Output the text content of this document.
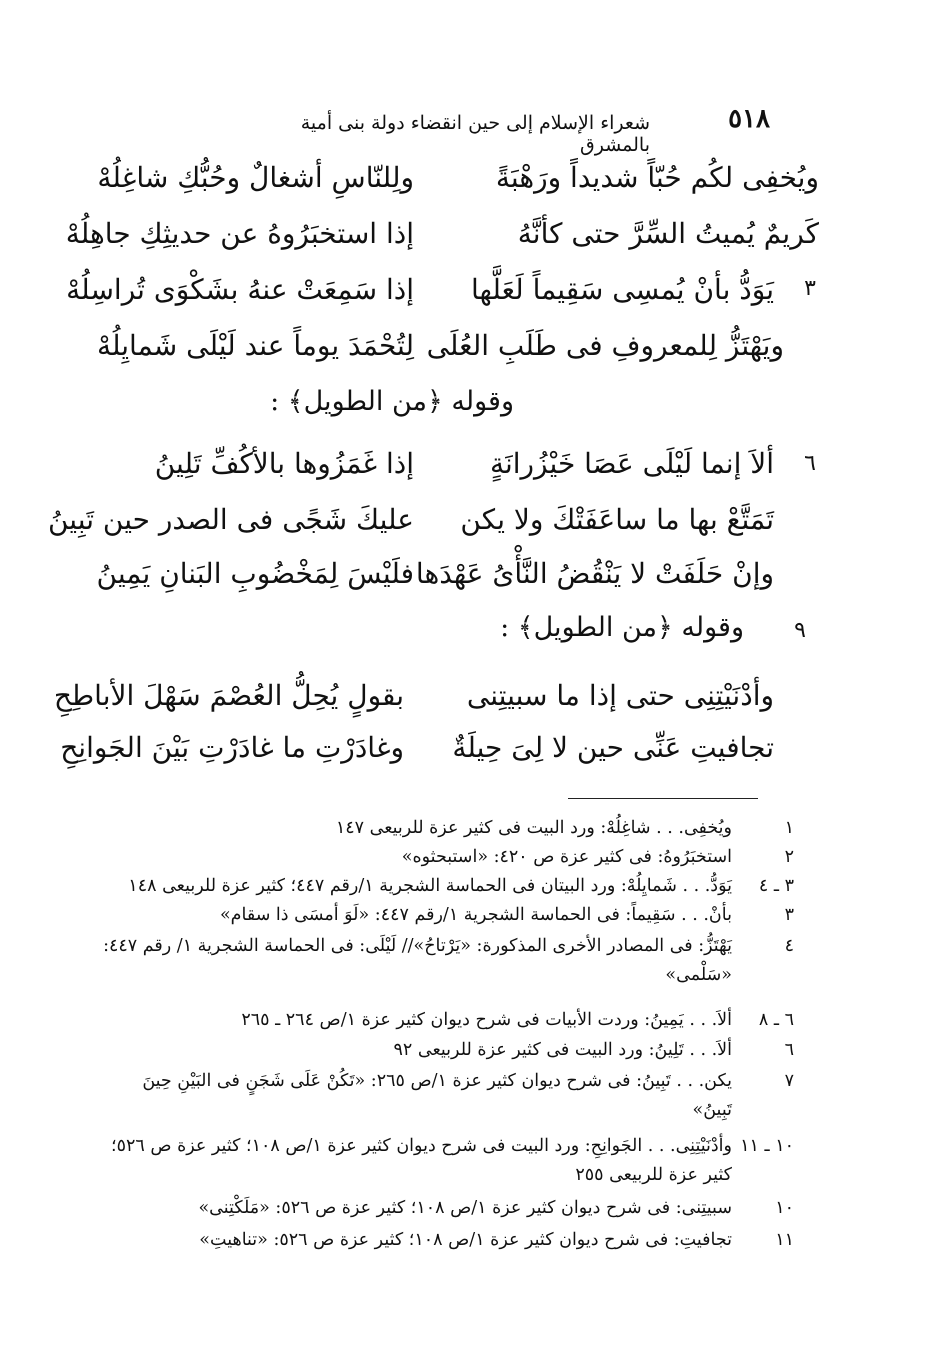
٥١٨
شعراء الإسلام إلى حين انقضاء دولة بنى أمية بالمشرق
ويُخفِى لكُم حُبّاً شديداً ورَهْبَةً
ولِلنّاسِ أشغالٌ وحُبُّكِ شاغِلُهْ
كَريمٌ يُميتُ السِّرَّ حتى كأنَّهُ
إذا استخبَرُوهُ عن حديثِكِ جاهِلُهْ
٣
يَوَدُّ بأنْ يُمسِى سَقِيماً لَعَلَّها
إذا سَمِعَتْ عنهُ بشَكْوَى تُراسِلُهْ
ويَهْتَزُّ لِلمعروفِ فى طَلَبِ العُلَى
لِتُحْمَدَ يوماً عند لَيْلَى شَمايِلُهْ
وقوله ﴿من الطويل﴾ :
٦
ألاَ إنما لَيْلَى عَصَا خَيْزُرانَةٍ
إذا غَمَزُوها بالأكُفِّ تَلِينُ
تَمَتَّعْ بها ما ساعَفَتْكَ ولا يكن
عليكَ شَجًى فى الصدر حين تَبِينُ
وإنْ حَلَفَتْ لا يَنْقُضُ النَّأْىُ عَهْدَها
فلَيْسَ لِمَخْضُوبِ البَنانِ يَمِينُ
٩
وقوله ﴿من الطويل﴾ :
وأدْنَيْتِنِى حتى إذا ما سبيتِنى
بقولٍ يُحِلُّ العُصْمَ سَهْلَ الأباطِحِ
تجافيتِ عَنِّى حين لا لِىَ حِيلَةٌ
وغادَرْتِ ما غادَرْتِ بَيْنَ الجَوانِحِ
١
ويُخفِى. . . شاغِلُهْ: ورد البيت فى كثير عزة للربيعى ١٤٧
٢
استخبَرُوهُ: فى كثير عزة ص ٤٢٠: «استبحثوه»
٣ ـ ٤
يَوَدُّ. . . شَمايِلُهْ: ورد البيتان فى الحماسة الشجرية ١/رقم ٤٤٧؛ كثير عزة للربيعى ١٤٨
٣
بأنْ. . . سَقِيماً: فى الحماسة الشجرية ١/رقم ٤٤٧: «لَوَ أمسَى ذا سقام»
٤
يَهْتَزُّ: فى المصادر الأخرى المذكورة: «يَرْتاحُ»// لَيْلَى: فى الحماسة الشجرية ١/ رقم ٤٤٧: «سَلْمى»
٦ ـ ٨
ألاَ. . . يَمِينُ: وردت الأبيات فى شرح ديوان كثير عزة ١/ص ٢٦٤ ـ ٢٦٥
٦
ألاَ. . . تَلِينُ: ورد البيت فى كثير عزة للربيعى ٩٢
٧
يكن. . . تَبِينُ: فى شرح ديوان كثير عزة ١/ص ٢٦٥: «تَكُنْ عَلَى شَجَنٍ فى البَيْنِ حِينَ تَبِينُ»
١٠ ـ ١١
وأدْنَيْتِنِى. . . الجَوانِحِ: ورد البيت فى شرح ديوان كثير عزة ١/ص ١٠٨؛ كثير عزة ص ٥٢٦؛ كثير عزة للربيعى ٢٥٥
١٠
سبيتِنى: فى شرح ديوان كثير عزة ١/ص ١٠٨؛ كثير عزة ص ٥٢٦: «مَلَكْتِنى»
١١
تجافيتِ: فى شرح ديوان كثير عزة ١/ص ١٠٨؛ كثير عزة ص ٥٢٦: «تناهيتِ»
